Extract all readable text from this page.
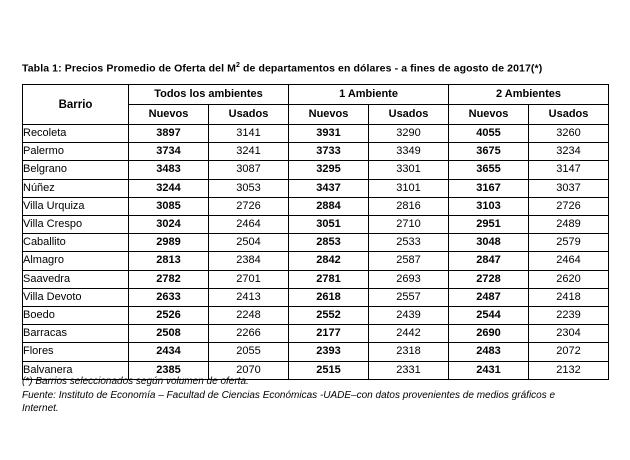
Tabla 1: Precios Promedio de Oferta del $M^2$ de departamentos en dólares - a fines de agosto de 2017(*)
Barrio	Todos los ambientes		1 Ambiente		2 Ambientes	
	Nuevos	Usados	Nuevos	Usados	Nuevos	Usados
Recoleta	3897	3141	3931	3290	4055	3260
Palermo	3734	3241	3733	3349	3675	3234
Belgrano	3483	3087	3295	3301	3655	3147
Núñez	3244	3053	3437	3101	3167	3037
Villa Urquiza	3085	2726	2884	2816	3103	2726
Villa Crespo	3024	2464	3051	2710	2951	2489
Caballito	2989	2504	2853	2533	3048	2579
Almagro	2813	2384	2842	2587	2847	2464
Saavedra	2782	2701	2781	2693	2728	2620
Villa Devoto	2633	2413	2618	2557	2487	2418
Boedo	2526	2248	2552	2439	2544	2239
Barracas	2508	2266	2177	2442	2690	2304
Flores	2434	2055	2393	2318	2483	2072
Balvanera	2385	2070	2515	2331	2431	2132
(*) Barrios seleccionados según volumen de oferta.
Fuente: Instituto de Economía – Facultad de Ciencias Económicas -UADE–con datos provenientes de medios gráficos e
Internet.
